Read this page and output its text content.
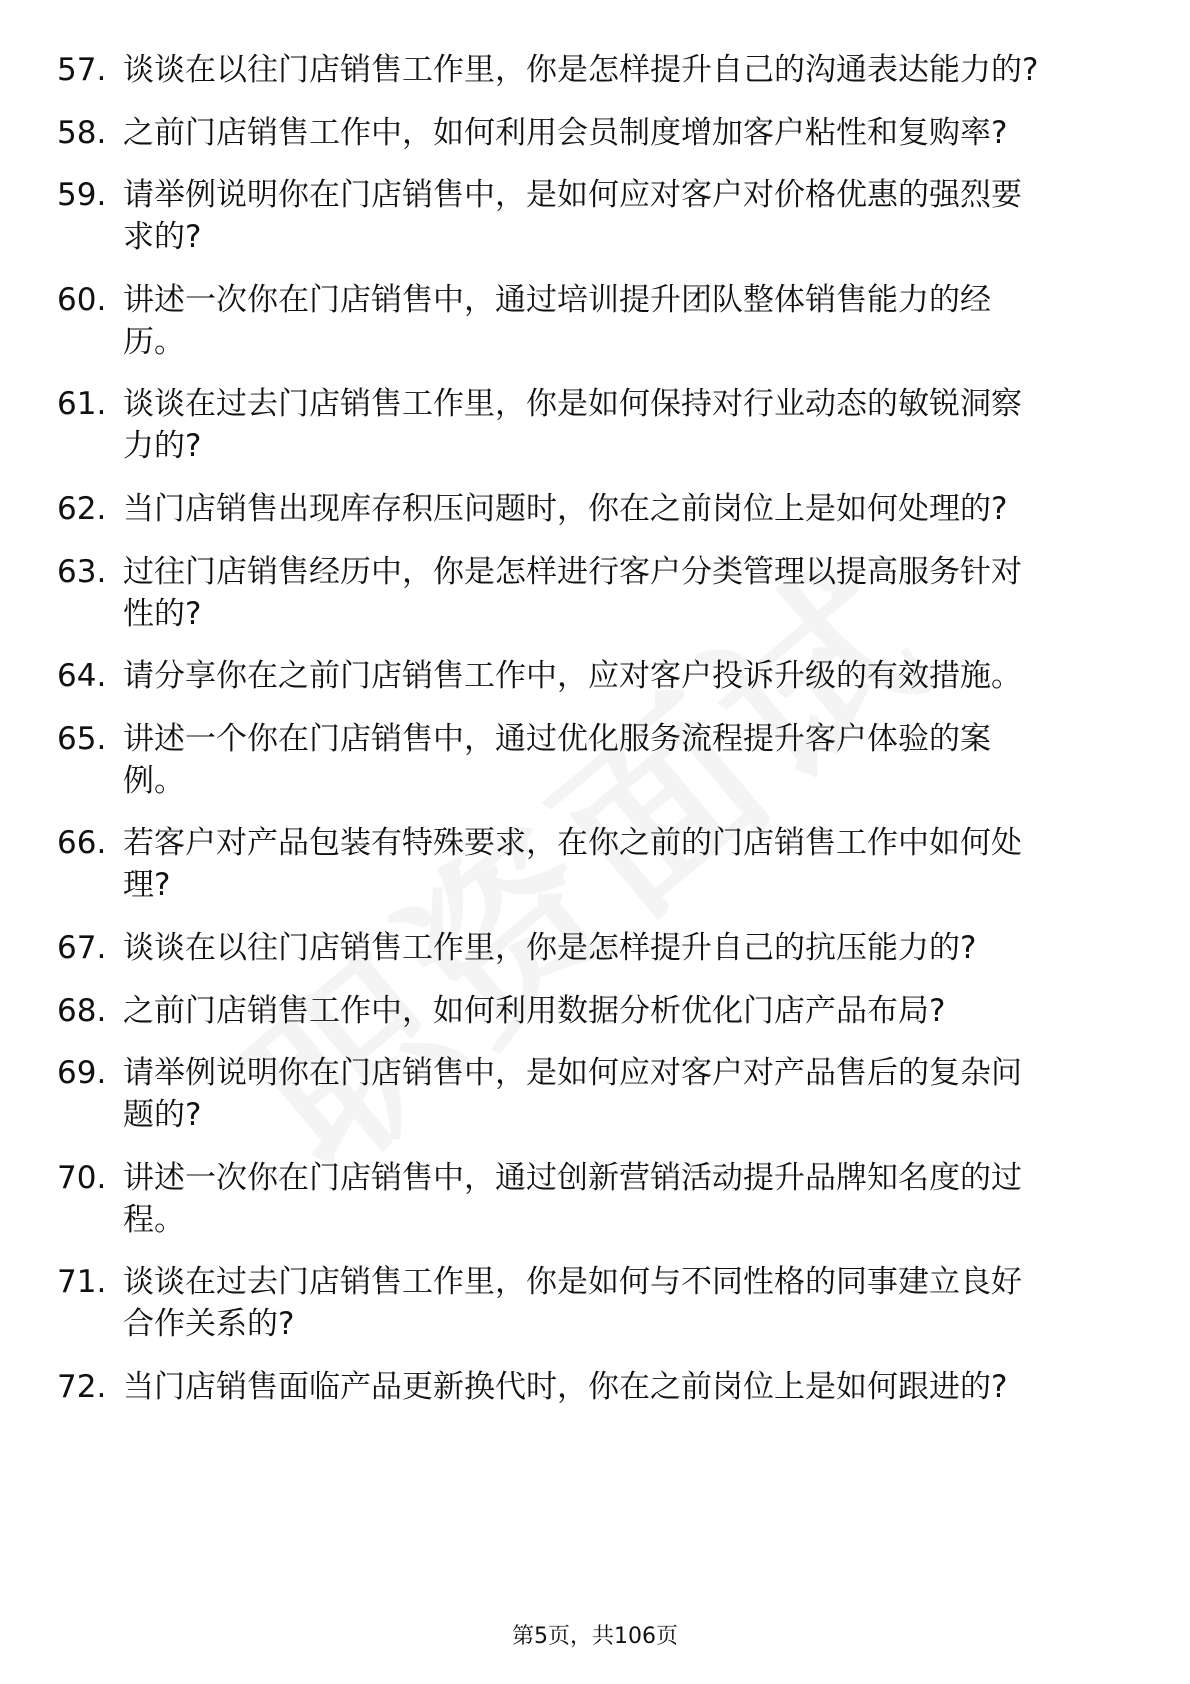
57. 谈谈在以往门店销售工作里，你是怎样提升自己的沟通表达能力的?
58. 之前门店销售工作中，如何利用会员制度增加客户粘性和复购率?
59. 请举例说明你在门店销售中，是如何应对客户对价格优惠的强烈要求的?
60. 讲述一次你在门店销售中，通过培训提升团队整体销售能力的经历。
61. 谈谈在过去门店销售工作里，你是如何保持对行业动态的敏锐洞察力的?
62. 当门店销售出现库存积压问题时，你在之前岗位上是如何处理的?
63. 过往门店销售经历中，你是怎样进行客户分类管理以提高服务针对性的?
64. 请分享你在之前门店销售工作中，应对客户投诉升级的有效措施。
65. 讲述一个你在门店销售中，通过优化服务流程提升客户体验的案例。
66. 若客户对产品包装有特殊要求，在你之前的门店销售工作中如何处理?
67. 谈谈在以往门店销售工作里，你是怎样提升自己的抗压能力的?
68. 之前门店销售工作中，如何利用数据分析优化门店产品布局?
69. 请举例说明你在门店销售中，是如何应对客户对产品售后的复杂问题的?
70. 讲述一次你在门店销售中，通过创新营销活动提升品牌知名度的过程。
71. 谈谈在过去门店销售工作里，你是如何与不同性格的同事建立良好合作关系的?
72. 当门店销售面临产品更新换代时，你在之前岗位上是如何跟进的?
第5页，共106页
